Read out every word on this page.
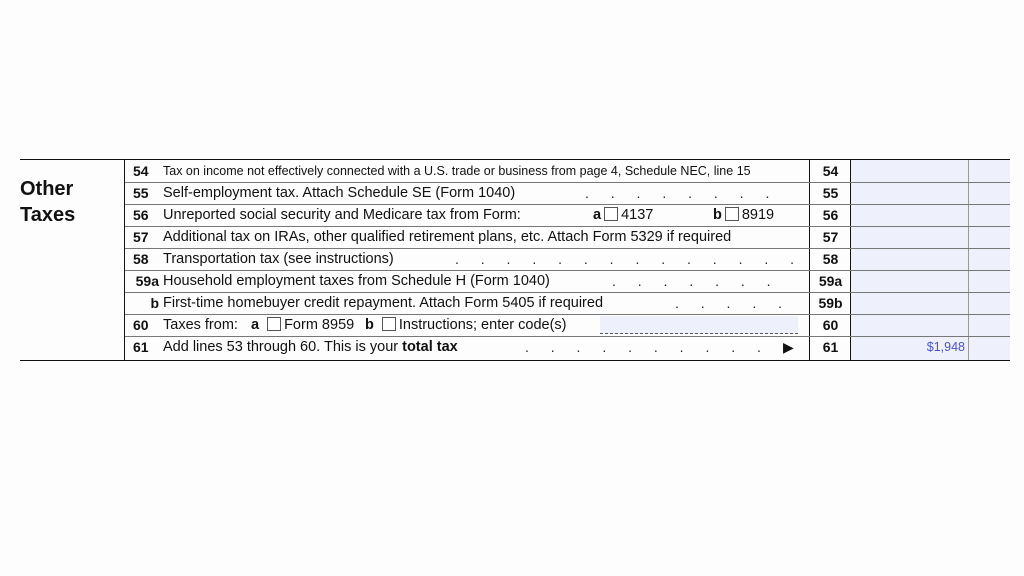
Other
Taxes
54	Tax on income not effectively connected with a U.S. trade or business from page 4, Schedule NEC, line 15	54
55 Self-employment tax. Attach Schedule SE (Form 1040)	. . . . . . . .	55
56 Unreported social security and Medicare tax from Form:	a 4137	b 8919	56
57 Additional tax on IRAs, other qualified retirement plans, etc. Attach Form 5329 if required	57
58 Transportation tax (see instructions)	. . . . . . . . . . . . . .	58
59a Household employment taxes from Schedule H (Form 1040)	. . . . . . .	59a
b First-time homebuyer credit repayment. Attach Form 5405 if required	. . . . .	59b
60 Taxes from: a Form 8959 b Instructions; enter code(s)	60
61 Add lines 53 through 60. This is your total tax	. . . . . . . . . . ▶	61	$1,948
